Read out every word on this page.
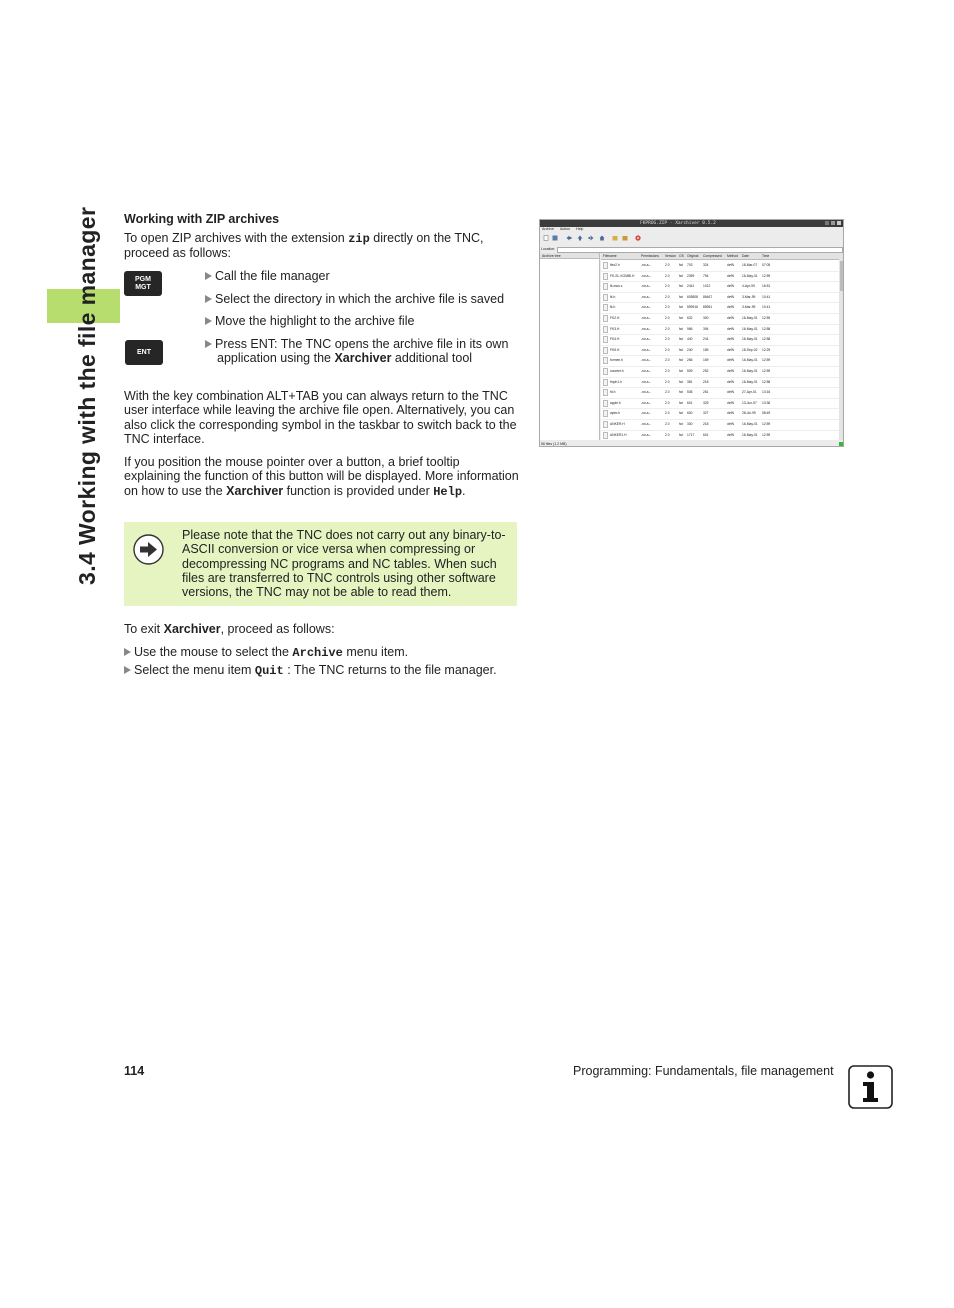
3.4 Working with the file manager Working with ZIP archives
To open ZIP archives with the extension zip directly on the TNC, proceed as follows:
PGM
MGT
ENT
Call the file manager
Select the directory in which the archive file is saved
Move the highlight to the archive file
Press ENT: The TNC opens the archive file in its own application using the Xarchiver additional tool
With the key combination ALT+TAB you can always return to the TNC user interface while leaving the archive file open. Alternatively, you can also click the corresponding symbol in the taskbar to switch back to the TNC interface.
If you position the mouse pointer over a button, a brief tooltip explaining the function of this button will be displayed. More information on how to use the Xarchiver function is provided under Help.
Please note that the TNC does not carry out any binary-to-ASCII conversion or vice versa when compressing or decompressing NC programs and NC tables. When such files are transferred to TNC controls using other software versions, the TNC may not be able to read them.
To exit Xarchiver, proceed as follows:
Use the mouse to select the Archive menu item.
Select the menu item Quit : The TNC returns to the file manager.
FKPROG.ZIP - Xarchiver 0.5.2
Archive Action Help
Location:
Archive tree	Filename	Permissions	Version OS Original	Compressed	Method	Date	Time
flex2.h	-rw-a--	2.0	fat	703	324	defN	18-Mar-07	07:05
FK-SL-KOMBI.H	-rw-a--	2.0	fat	2359	794	defN	16-May-01	12:59
fk-mus.c	-rw-a--	2.0	fat	2441	1012	defN	4-Apr-99	16:51
fk.h	-rw-a--	2.0	fat	605808	86467	defN	3-Mar-99	10:41
fk.h	-rw-a--	2.0	fat	599916	85951	defN	3-Mar-99	10:41
FK2.H	-rw-a--	2.0	fat	632	300	defN	16-May-01	12:59
FK3.H	-rw-a--	2.0	fat	966	394	defN	16-May-01	12:58
FK4.H	-rw-a--	2.0	fat	440	241	defN	16-May-01	12:58
FK5.H	-rw-a--	2.0	fat	240	189	defN	18-Sep-02	12:29
formen.h	-rw-a--	2.0	fat	266	169	defN	16-May-01	12:59
counter.h	-rw-a--	2.0	fat	509	252	defN	16-May-01	12:59
fmph1.h	-rw-a--	2.0	fat	381	218	defN	16-May-01	12:58
fd.h	-rw-a--	2.0	fat	536	261	defN	27-Apr-01	13:16
apple.h	-rw-a--	2.0	fat	601	325	defN	13-Jun-97	13:36
aptm.h	-rw-a--	2.0	fat	600	327	defN	28-Jul-99	08:49
ANKER.H	-rw-a--	2.0	fat	330	218	defN	16-May-01	12:59
ANKER1.H	-rw-a--	2.0	fat	1717	601	defN	16-May-01	12:59
56 files (1.2 MB)
114	Programming: Fundamentals, file management
